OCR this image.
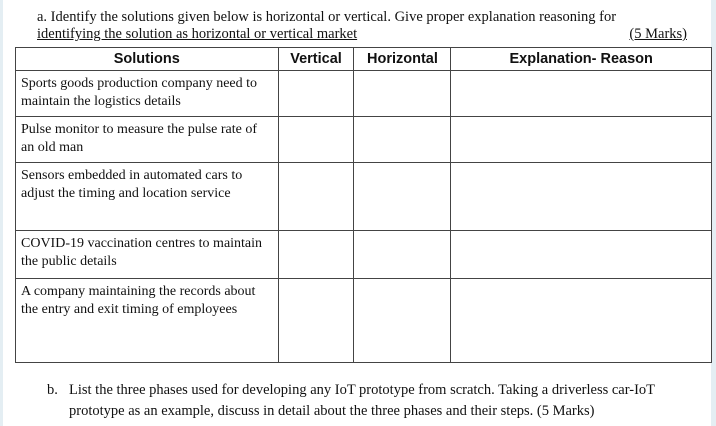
a. Identify the solutions given below is horizontal or vertical. Give proper explanation reasoning for
identifying the solution as horizontal or vertical market	(5 Marks)
Solutions	Vertical	Horizontal	Explanation- Reason
Sports goods production company need to maintain the logistics details			
Pulse monitor to measure the pulse rate of an old man			
Sensors embedded in automated cars to adjust the timing and location service			
COVID-19 vaccination centres to maintain the public details			
A company maintaining the records about the entry and exit timing of employees			
b. List the three phases used for developing any IoT prototype from scratch. Taking a driverless car-IoT prototype as an example, discuss in detail about the three phases and their steps. (5 Marks)
